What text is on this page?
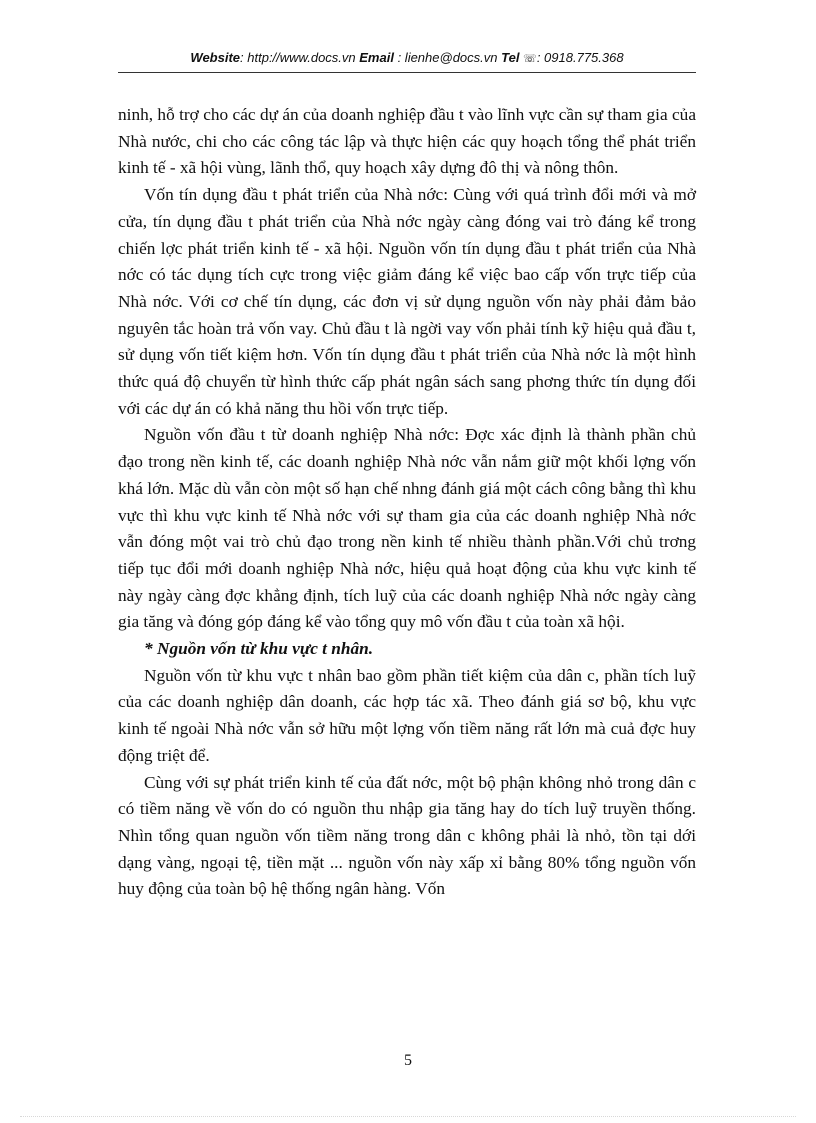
Website: http://www.docs.vn Email : lienhe@docs.vn Tel ☏: 0918.775.368

ninh, hỗ trợ cho các dự án của doanh nghiệp đầu t vào lĩnh vực cần sự tham gia của Nhà nước, chi cho các công tác lập và thực hiện các quy hoạch tổng thể phát triển kinh tế - xã hội vùng, lãnh thổ, quy hoạch xây dựng đô thị và nông thôn.

Vốn tín dụng đầu t phát triển của Nhà nớc: Cùng với quá trình đổi mới và mở cửa, tín dụng đầu t phát triển của Nhà nớc ngày càng đóng vai trò đáng kể trong chiến lợc phát triển kinh tế - xã hội. Nguồn vốn tín dụng đầu t phát triển của Nhà nớc có tác dụng tích cực trong việc giảm đáng kể việc bao cấp vốn trực tiếp của Nhà nớc. Với cơ chế tín dụng, các đơn vị sử dụng nguồn vốn này phải đảm bảo nguyên tắc hoàn trả vốn vay. Chủ đầu t là ngời vay vốn phải tính kỹ hiệu quả đầu t, sử dụng vốn tiết kiệm hơn. Vốn tín dụng đầu t phát triển của Nhà nớc là một hình thức quá độ chuyển từ hình thức cấp phát ngân sách sang phơng thức tín dụng đối với các dự án có khả năng thu hồi vốn trực tiếp.

Nguồn vốn đầu t từ doanh nghiệp Nhà nớc: Đợc xác định là thành phần chủ đạo trong nền kinh tế, các doanh nghiệp Nhà nớc vẫn nắm giữ một khối lợng vốn khá lớn. Mặc dù vẫn còn một số hạn chế nhng đánh giá một cách công bằng thì khu vực thì khu vực kinh tế Nhà nớc với sự tham gia của các doanh nghiệp Nhà nớc vẫn đóng một vai trò chủ đạo trong nền kinh tế nhiều thành phần.Với chủ trơng tiếp tục đổi mới doanh nghiệp Nhà nớc, hiệu quả hoạt động của khu vực kinh tế này ngày càng đợc khẳng định, tích luỹ của các doanh nghiệp Nhà nớc ngày càng gia tăng và đóng góp đáng kể vào tổng quy mô vốn đầu t của toàn xã hội.

* Nguồn vốn từ khu vực t nhân.

Nguồn vốn từ khu vực t nhân bao gồm phần tiết kiệm của dân c, phần tích luỹ của các doanh nghiệp dân doanh, các hợp tác xã. Theo đánh giá sơ bộ, khu vực kinh tế ngoài Nhà nớc vẫn sở hữu một lợng vốn tiềm năng rất lớn mà cuả đợc huy động triệt để.

Cùng với sự phát triển kinh tế của đất nớc, một bộ phận không nhỏ trong dân c có tiềm năng về vốn do có nguồn thu nhập gia tăng hay do tích luỹ truyền thống. Nhìn tổng quan nguồn vốn tiềm năng trong dân c không phải là nhỏ, tồn tại dới dạng vàng, ngoại tệ, tiền mặt ... nguồn vốn này xấp xỉ bằng 80% tổng nguồn vốn huy động của toàn bộ hệ thống ngân hàng. Vốn

5
